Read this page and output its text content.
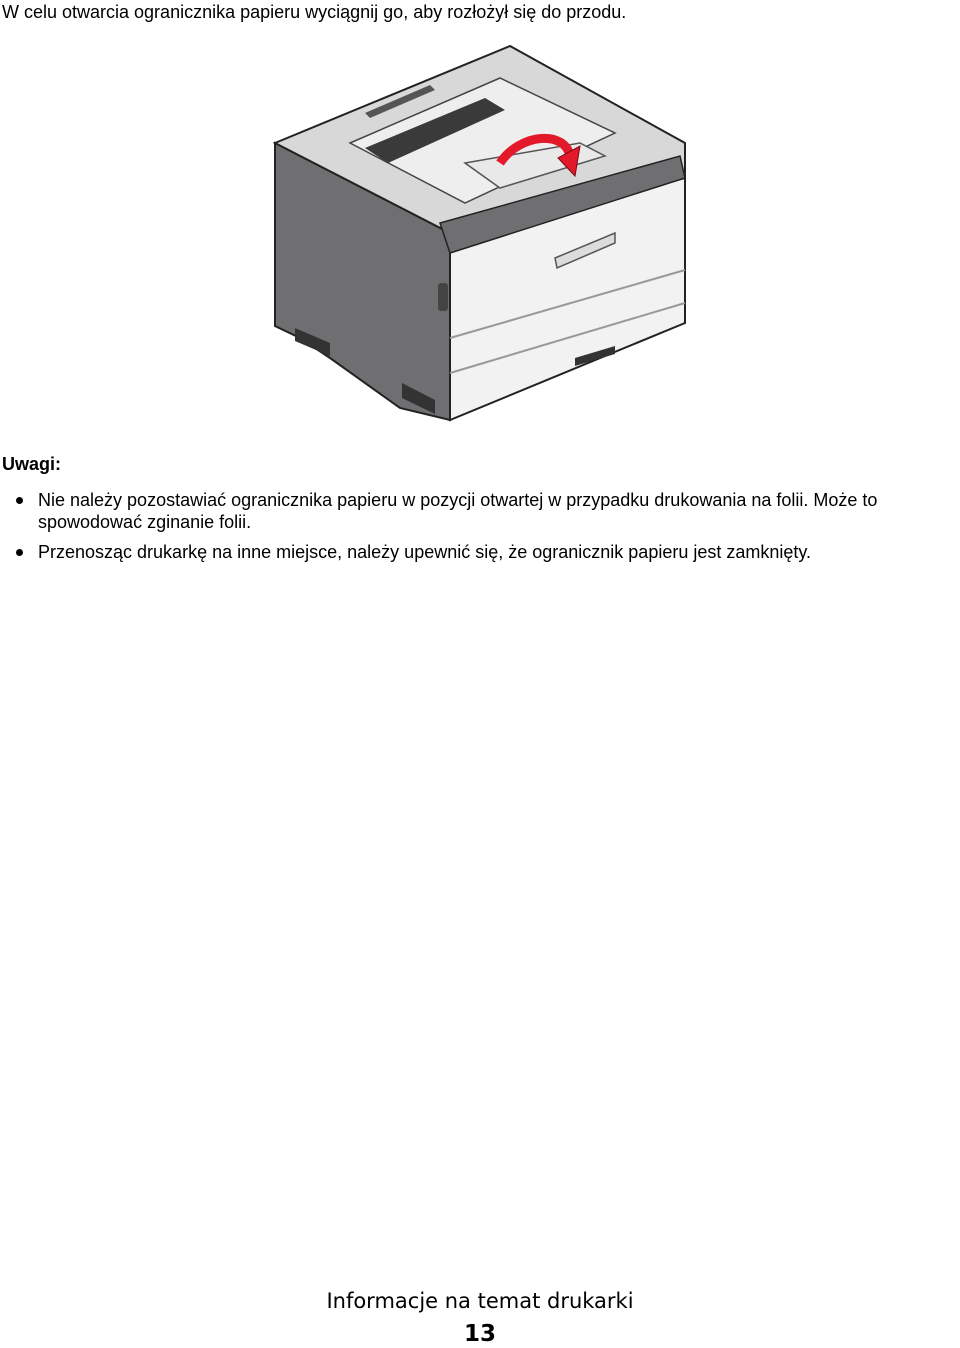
W celu otwarcia ogranicznika papieru wyciągnij go, aby rozłożył się do przodu.

Uwagi:

Nie należy pozostawiać ogranicznika papieru w pozycji otwartej w przypadku drukowania na folii. Może to spowodować zginanie folii.
Przenosząc drukarkę na inne miejsce, należy upewnić się, że ogranicznik papieru jest zamknięty.

Informacje na temat drukarki

13
